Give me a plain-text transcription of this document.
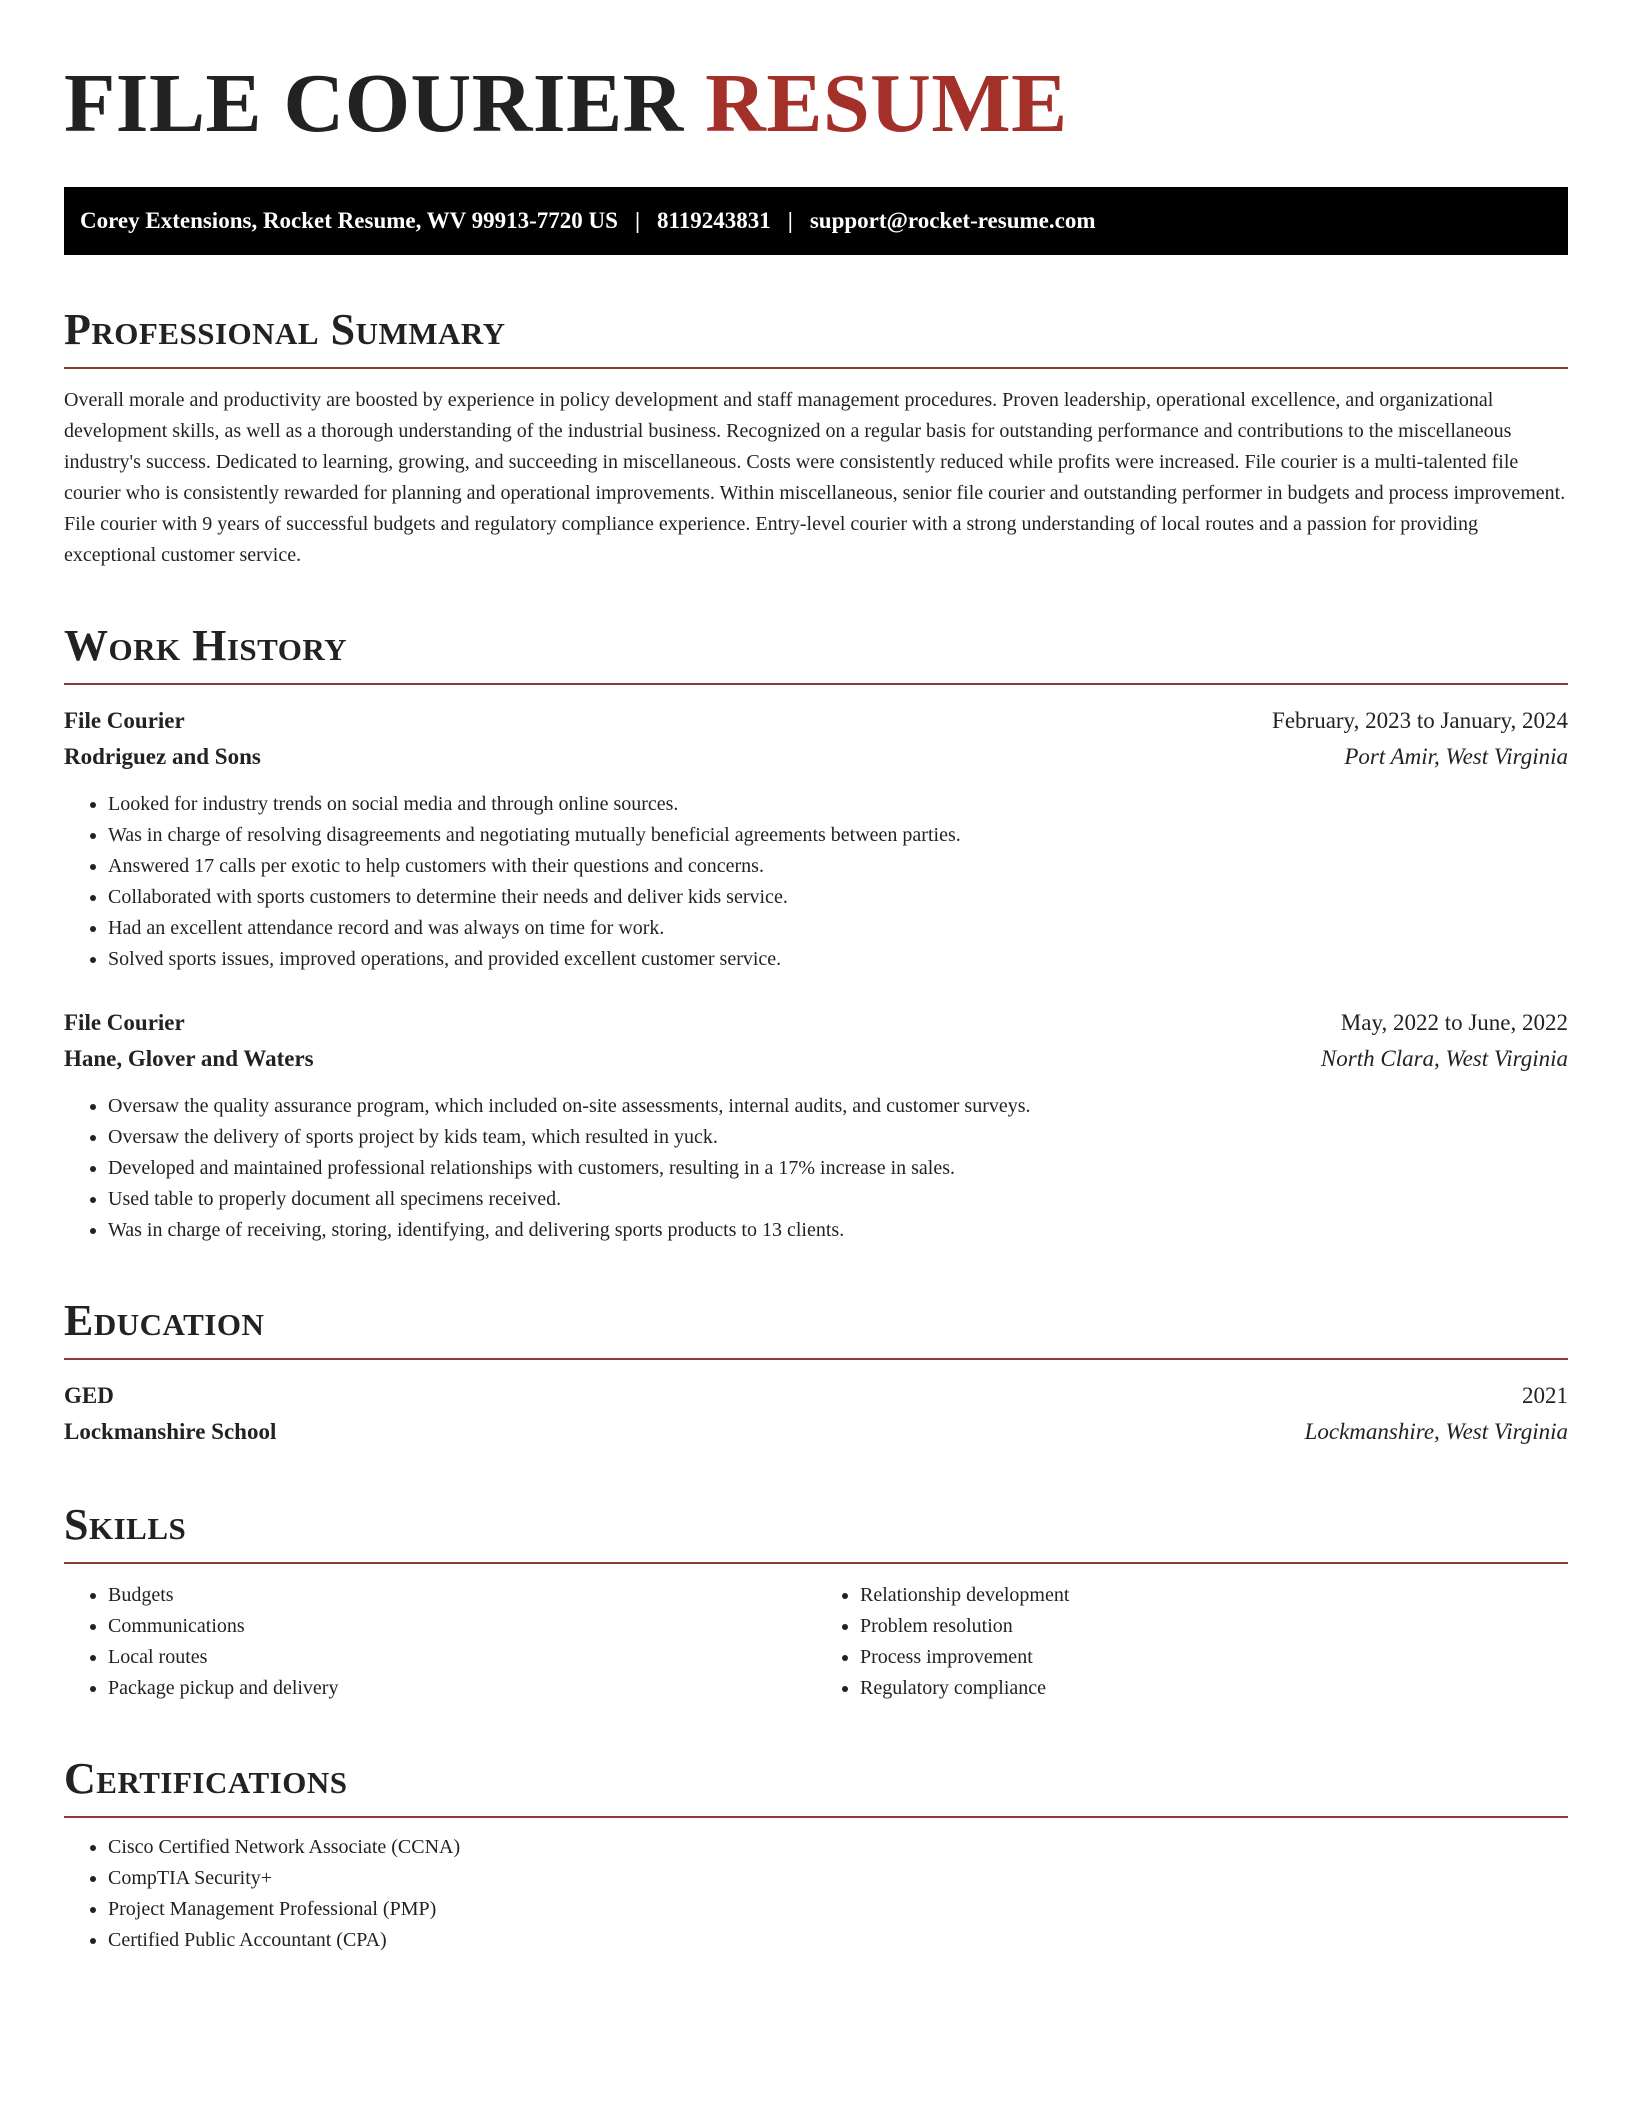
FILE COURIER RESUME
Corey Extensions, Rocket Resume, WV 99913-7720 US | 8119243831 | support@rocket-resume.com
Professional Summary

Overall morale and productivity are boosted by experience in policy development and staff management procedures. Proven leadership, operational excellence, and organizational development skills, as well as a thorough understanding of the industrial business. Recognized on a regular basis for outstanding performance and contributions to the miscellaneous industry's success. Dedicated to learning, growing, and succeeding in miscellaneous. Costs were consistently reduced while profits were increased. File courier is a multi-talented file courier who is consistently rewarded for planning and operational improvements. Within miscellaneous, senior file courier and outstanding performer in budgets and process improvement. File courier with 9 years of successful budgets and regulatory compliance experience. Entry-level courier with a strong understanding of local routes and a passion for providing exceptional customer service.

Work History
File Courier	February, 2023 to January, 2024
Rodriguez and Sons	Port Amir, West Virginia
• Looked for industry trends on social media and through online sources.
• Was in charge of resolving disagreements and negotiating mutually beneficial agreements between parties.
• Answered 17 calls per exotic to help customers with their questions and concerns.
• Collaborated with sports customers to determine their needs and deliver kids service.
• Had an excellent attendance record and was always on time for work.
• Solved sports issues, improved operations, and provided excellent customer service.
File Courier	May, 2022 to June, 2022
Hane, Glover and Waters	North Clara, West Virginia
• Oversaw the quality assurance program, which included on-site assessments, internal audits, and customer surveys.
• Oversaw the delivery of sports project by kids team, which resulted in yuck.
• Developed and maintained professional relationships with customers, resulting in a 17% increase in sales.
• Used table to properly document all specimens received.
• Was in charge of receiving, storing, identifying, and delivering sports products to 13 clients.
Education
GED	2021
Lockmanshire School	Lockmanshire, West Virginia
Skills
• Budgets
• Communications
• Local routes
• Package pickup and delivery
• Relationship development
• Problem resolution
• Process improvement
• Regulatory compliance
Certifications
• Cisco Certified Network Associate (CCNA)
• CompTIA Security+
• Project Management Professional (PMP)
• Certified Public Accountant (CPA)
